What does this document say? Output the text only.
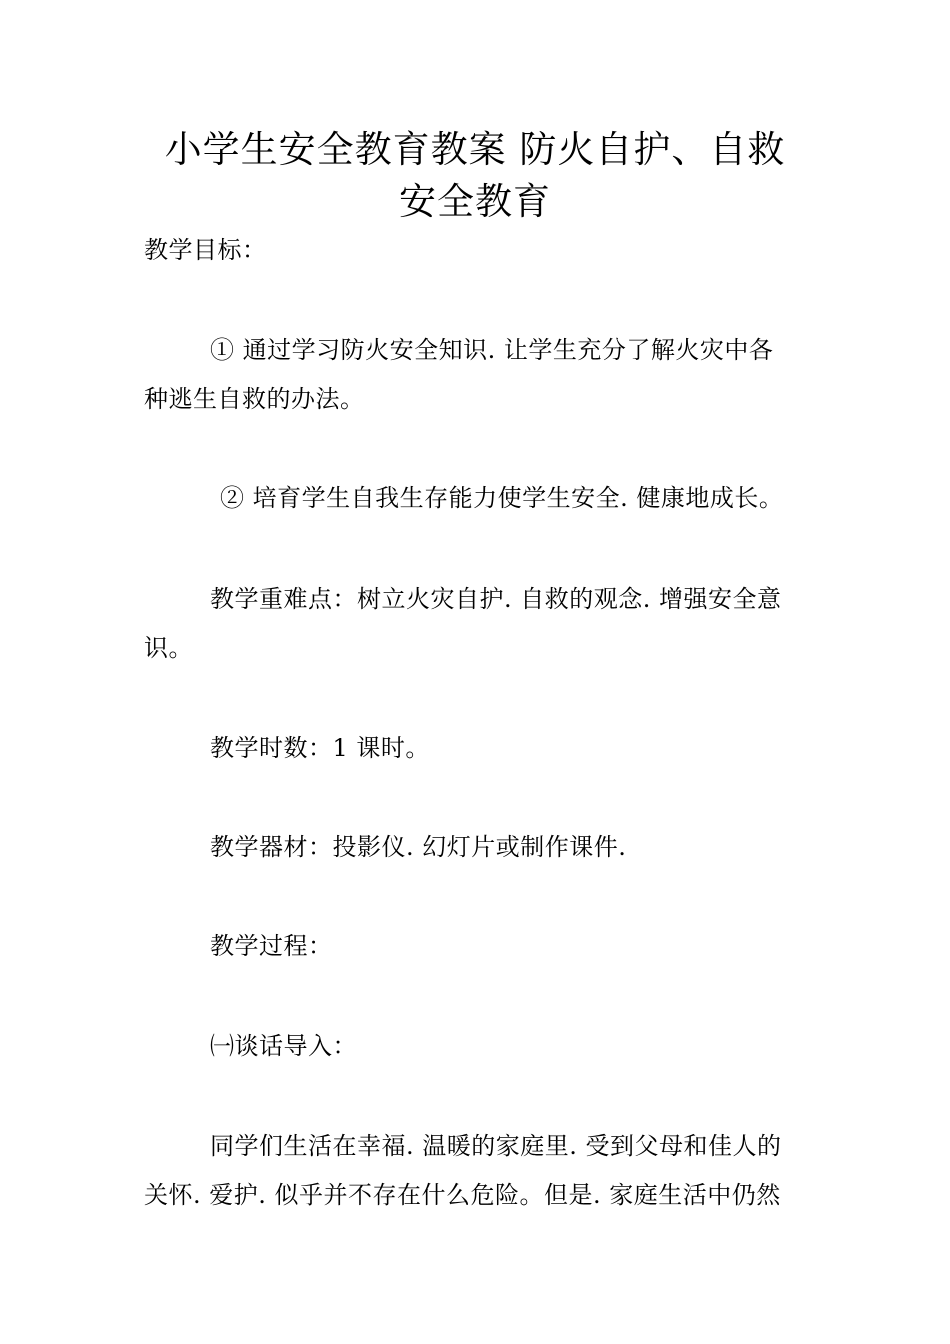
小学生安全教育教案 防火自护、自救
安全教育

教学目标：

① 通过学习防火安全知识. 让学生充分了解火灾中各

种逃生自救的办法。

② 培育学生自我生存能力使学生安全. 健康地成长。

教学重难点：树立火灾自护. 自救的观念. 增强安全意

识。

教学时数：1 课时。

教学器材：投影仪. 幻灯片或制作课件.

教学过程：

㈠谈话导入：

同学们生活在幸福. 温暖的家庭里. 受到父母和佳人的

关怀. 爱护. 似乎并不存在什么危险。但是. 家庭生活中仍然
